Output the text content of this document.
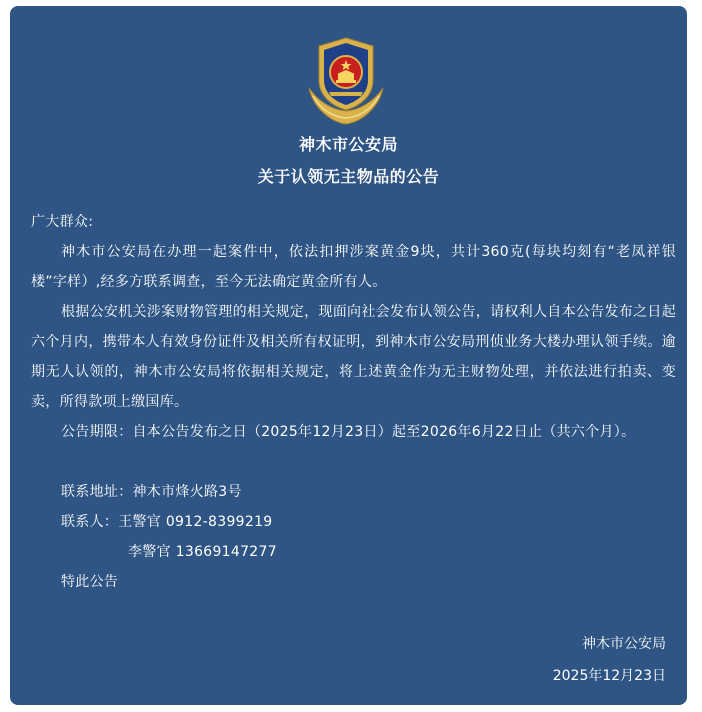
神木市公安局
关于认领无主物品的公告
广大群众:
神木市公安局在办理一起案件中，依法扣押涉案黄金9块，共计360克(每块均刻有“老凤祥银楼”字样）,经多方联系调查，至今无法确定黄金所有人。
根据公安机关涉案财物管理的相关规定，现面向社会发布认领公告，请权利人自本公告发布之日起六个月内，携带本人有效身份证件及相关所有权证明，到神木市公安局刑侦业务大楼办理认领手续。逾期无人认领的，神木市公安局将依据相关规定，将上述黄金作为无主财物处理，并依法进行拍卖、变卖，所得款项上缴国库。
公告期限：自本公告发布之日（2025年12月23日）起至2026年6月22日止（共六个月）。
联系地址：神木市烽火路3号
联系人：王警官 0912-8399219
李警官 13669147277
特此公告
神木市公安局
2025年12月23日
